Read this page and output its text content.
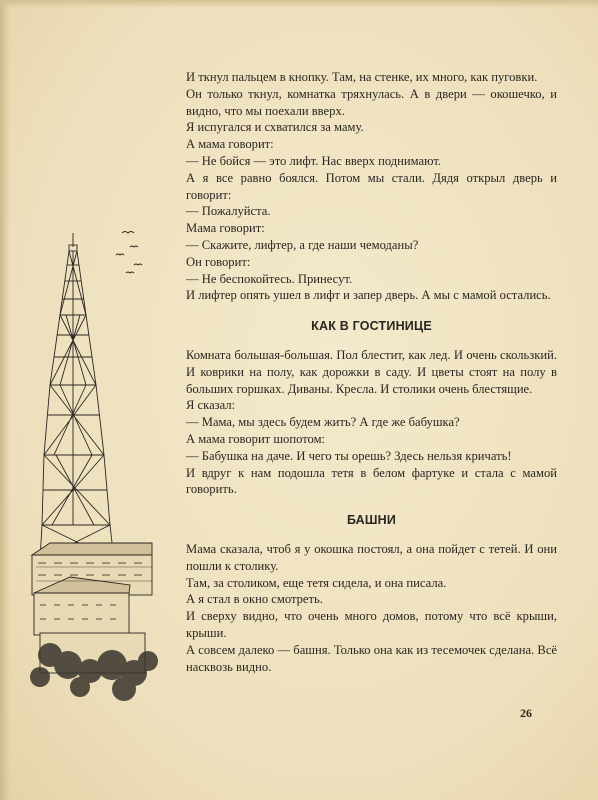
И ткнул пальцем в кнопку. Там, на стенке, их много, как пуговки.

Он только ткнул, комнатка тряхнулась. А в двери — окошечко, и видно, что мы поехали вверх.

Я испугался и схватился за маму.

А мама говорит:

— Не бойся — это лифт. Нас вверх поднимают.

А я все равно боялся. Потом мы стали. Дядя открыл дверь и говорит:

— Пожалуйста.

Мама говорит:

— Скажите, лифтер, а где наши чемоданы?

Он говорит:

— Не беспокойтесь. Принесут.

И лифтер опять ушел в лифт и запер дверь. А мы с мамой остались.

КАК В ГОСТИНИЦЕ

Комната большая-большая. Пол блестит, как лед. И очень скользкий. И коврики на полу, как дорожки в саду. И цветы стоят на полу в больших горшках. Диваны. Кресла. И столики очень блестящие.

Я сказал:

— Мама, мы здесь будем жить? А где же бабушка?

А мама говорит шопотом:

— Бабушка на даче. И чего ты орешь? Здесь нельзя кричать!

И вдруг к нам подошла тетя в белом фартуке и стала с мамой говорить.

БАШНИ

Мама сказала, чтоб я у окошка постоял, а она пойдет с тетей. И они пошли к столику.

Там, за столиком, еще тетя сидела, и она писала.

А я стал в окно смотреть.

И сверху видно, что очень много домов, потому что всё крыши, крыши.

А совсем далеко — башня. Только она как из тесемочек сделана. Всё насквозь видно.

26
